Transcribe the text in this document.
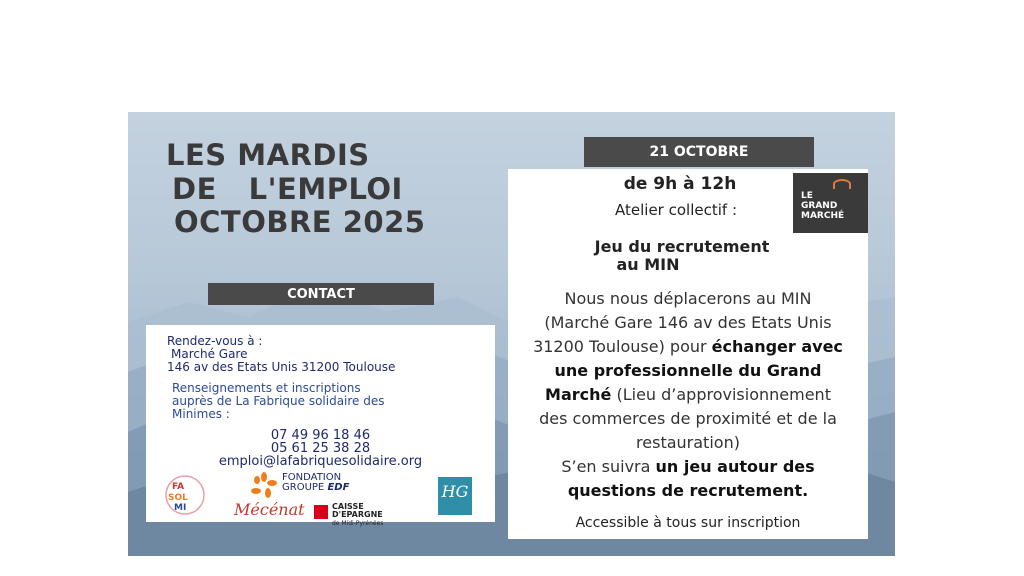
LES MARDIS
DE   L'EMPLOI
OCTOBRE 2025
CONTACT
21 OCTOBRE
Rendez-vous à :
Marché Gare
146 av des Etats Unis 31200 Toulouse
Renseignements et inscriptions
auprès de La Fabrique solidaire des
Minimes :
07 49 96 18 46
05 61 25 38 28
emploi@lafabriquesolidaire.org
FA
SOL
MI
FONDATION
GROUPE EDF
Mécénat	CAISSE
D'EPARGNE
de Midi-Pyrénées
HG
de 9h à 12h
Atelier collectif :
Jeu du recrutement
au MIN
Nous nous déplacerons au MIN
(Marché Gare 146 av des Etats Unis
31200 Toulouse) pour échanger avec
une professionnelle du Grand
Marché (Lieu d’approvisionnement
des commerces de proximité et de la
restauration)
S’en suivra un jeu autour des
questions de recrutement.
Accessible à tous sur inscription
LE
GRAND
MARCHÉ
